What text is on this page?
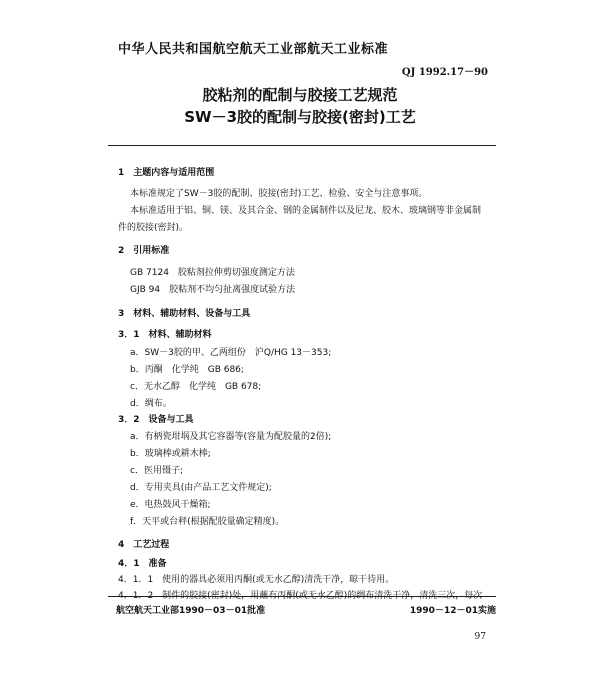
中华人民共和国航空航天工业部航天工业标准
QJ 1992.17－90
胶粘剂的配制与胶接工艺规范
SW－3胶的配制与胶接(密封)工艺
1　主题内容与适用范围
本标准规定了SW－3胶的配制、胶接(密封)工艺、检验、安全与注意事项。
本标准适用于铝、铜、镁、及其合金、钢的金属制件以及尼龙、胶木、玻璃钢等非金属制
件的胶接(密封)。
2　引用标准
GB 7124　胶粘剂拉伸剪切强度测定方法
GJB 94　胶粘剂不均匀扯离强度试验方法
3　材料、辅助材料、设备与工具
3．1　材料、辅助材料
a．SW－3胶的甲、乙两组份　沪Q/HG 13－353;
b．丙酮　化学纯　GB 686;
c．无水乙醇　化学纯　GB 678;
d．绸布。
3．2　设备与工具
a．有柄瓷坩埚及其它容器等(容量为配胶量的2倍);
b．玻璃棒或耕木棒;
c．医用镊子;
d．专用夹具(由产品工艺文件规定);
e．电热鼓风干燥箱;
f．天平或台秤(根据配胶量确定精度)。
4　工艺过程
4．1　准备
4．1．1　使用的器具必须用丙酮(或无水乙醇)清洗干净，晾干待用。
4．1．2　制件的胶接(密封)处，用蘸有丙酮(或无水乙醇)的绸布清洗干净，清洗三次，每次
航空航天工业部1990－03－01批准	1990－12－01实施
97
